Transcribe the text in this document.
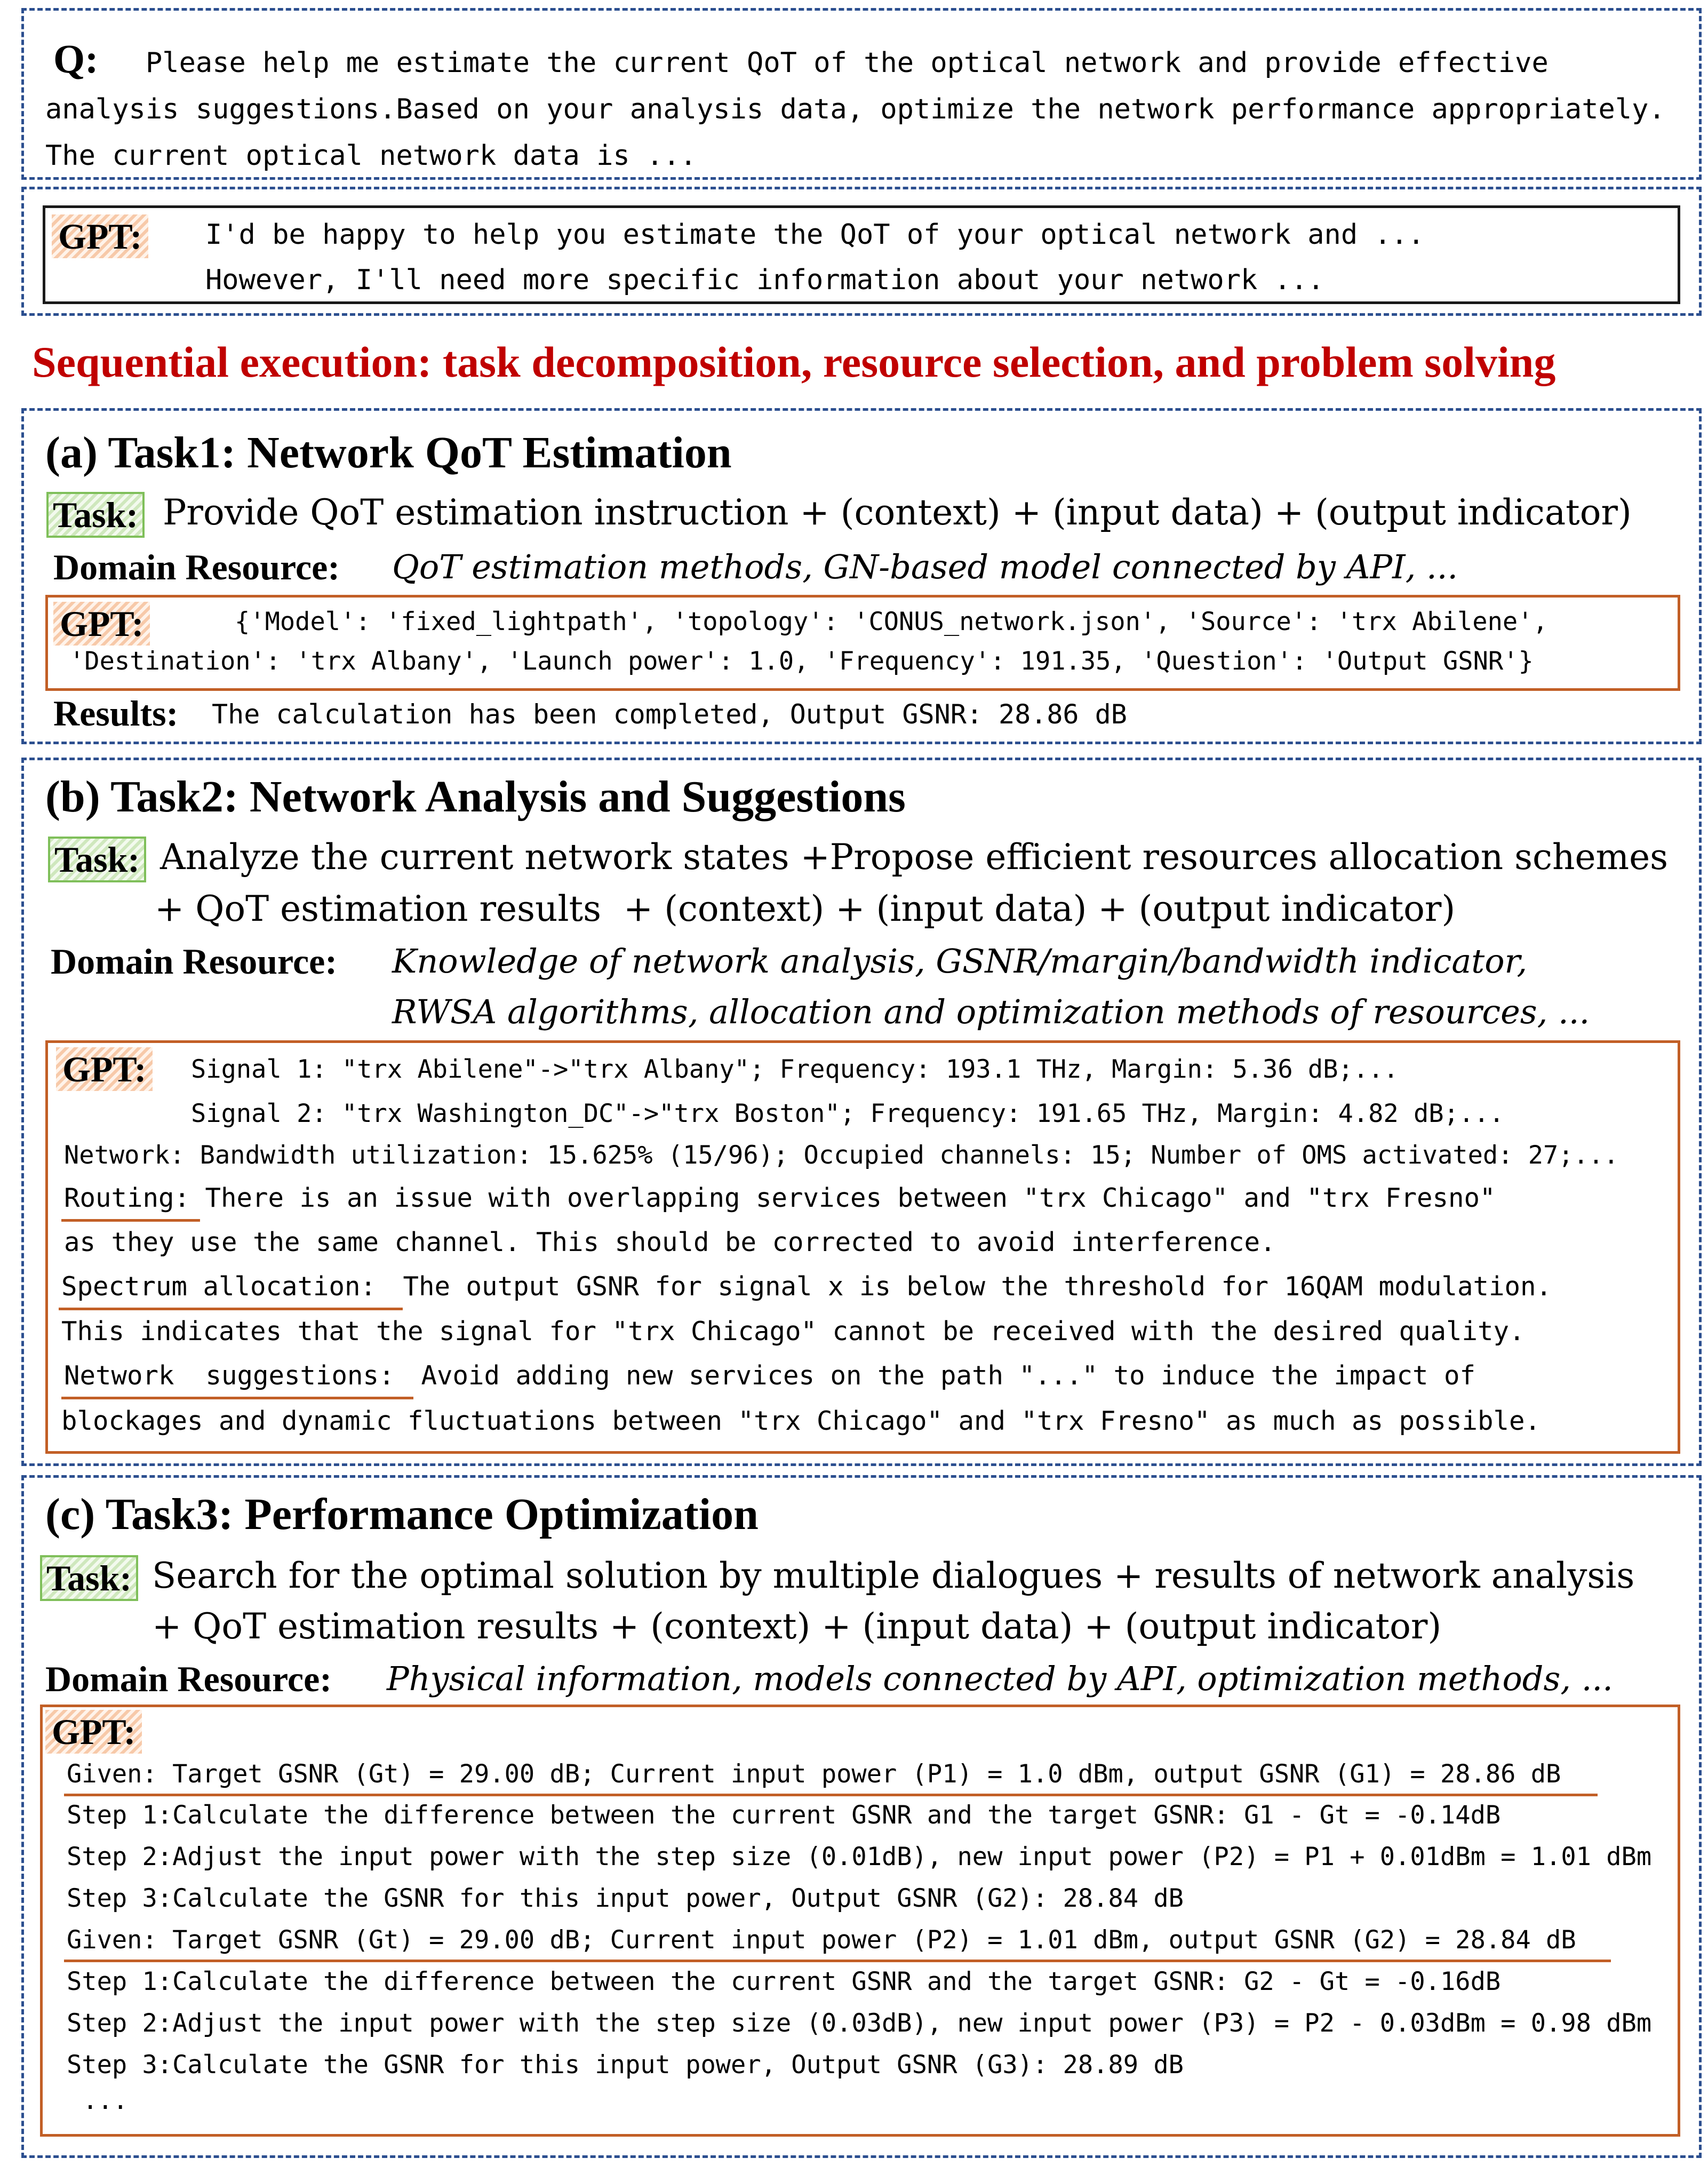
Q: Please help me estimate the current QoT of the optical network and provide effective
analysis suggestions.Based on your analysis data, optimize the network performance appropriately.
The current optical network data is ...
GPT: I'd be happy to help you estimate the QoT of your optical network and ...
However, I'll need more specific information about your network ...
Sequential execution: task decomposition, resource selection, and problem solving
(a) Task1: Network QoT Estimation
Task: Provide QoT estimation instruction + (context) + (input data) + (output indicator)
Domain Resource: QoT estimation methods, GN-based model connected by API, ...
GPT:	{'Model': 'fixed_lightpath', 'topology': 'CONUS_network.json', 'Source': 'trx Abilene',
'Destination': 'trx Albany', 'Launch power': 1.0, 'Frequency': 191.35, 'Question': 'Output GSNR'}
Results: The calculation has been completed, Output GSNR: 28.86 dB
(b) Task2: Network Analysis and Suggestions
Task: Analyze the current network states +Propose efficient resources allocation schemes
+ QoT estimation results  + (context) + (input data) + (output indicator)
Domain Resource: Knowledge of network analysis, GSNR/margin/bandwidth indicator,
RWSA algorithms, allocation and optimization methods of resources, ...
GPT: Signal 1: "trx Abilene"->"trx Albany"; Frequency: 193.1 THz, Margin: 5.36 dB;...
Signal 2: "trx Washington_DC"->"trx Boston"; Frequency: 191.65 THz, Margin: 4.82 dB;...
Network: Bandwidth utilization: 15.625% (15/96); Occupied channels: 15; Number of OMS activated: 27;...
Routing:
There is an issue with overlapping services between "trx Chicago" and "trx Fresno"
as they use the same channel. This should be corrected to avoid interference.
Spectrum allocation: The output GSNR for signal x is below the threshold for 16QAM modulation.
This indicates that the signal for "trx Chicago" cannot be received with the desired quality.
Network  suggestions: Avoid adding new services on the path "..." to induce the impact of
blockages and dynamic fluctuations between "trx Chicago" and "trx Fresno" as much as possible.
(c) Task3: Performance Optimization
Task: Search for the optimal solution by multiple dialogues + results of network analysis
+ QoT estimation results + (context) + (input data) + (output indicator)
Domain Resource: Physical information, models connected by API, optimization methods, ...
GPT:
Given: Target GSNR (Gt) = 29.00 dB; Current input power (P1) = 1.0 dBm, output GSNR (G1) = 28.86 dB
Step 1:Calculate the difference between the current GSNR and the target GSNR: G1 - Gt = -0.14dB
Step 2:Adjust the input power with the step size (0.01dB), new input power (P2) = P1 + 0.01dBm = 1.01 dBm
Step 3:Calculate the GSNR for this input power, Output GSNR (G2): 28.84 dB
Given: Target GSNR (Gt) = 29.00 dB; Current input power (P2) = 1.01 dBm, output GSNR (G2) = 28.84 dB
Step 1:Calculate the difference between the current GSNR and the target GSNR: G2 - Gt = -0.16dB
Step 2:Adjust the input power with the step size (0.03dB), new input power (P3) = P2 - 0.03dBm = 0.98 dBm
Step 3:Calculate the GSNR for this input power, Output GSNR (G3): 28.89 dB
...
